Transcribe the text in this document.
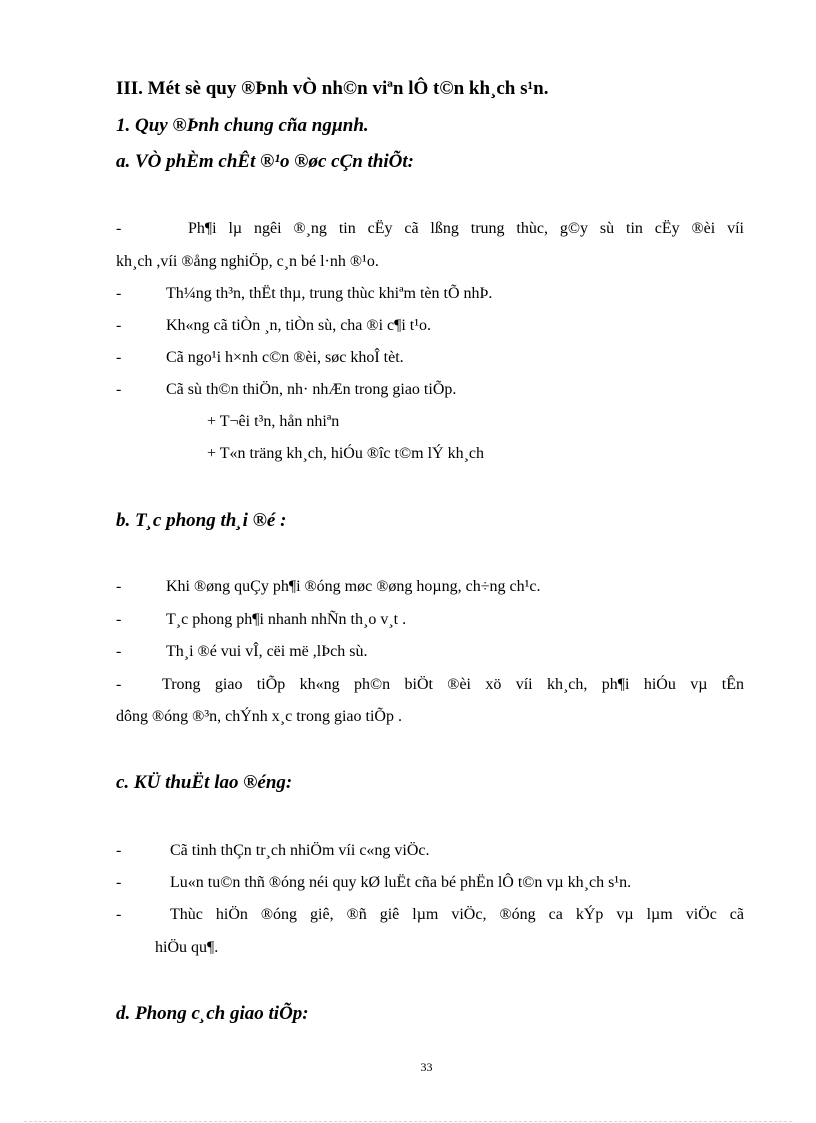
III. Mét sè quy ®Þnh vÒ nh©n viªn lÔ t©n kh¸ch s¹n.
1. Quy ®Þnh chung cña ngµnh.
a. VÒ phÈm chÊt ®¹o ®øc cÇn thiÕt:
-	Ph¶i lµ ngêi ®¸ng tin cËy cã lßng trung thùc, g©y sù tin cËy ®èi víi
kh¸ch ,víi ®ång nghiÖp, c¸n bé l·nh ®¹o.
-	Th¼ng th³n, thËt thµ, trung thùc khiªm tèn tÕ nhÞ.
-	Kh«ng cã tiÒn ¸n, tiÒn sù, cha ®i c¶i t¹o.
-	Cã ngo¹i h×nh c©n ®èi, søc khoÎ tèt.
-	Cã sù th©n thiÖn, nh· nhÆn trong giao tiÕp.
+ T¬êi t³n, hån nhiªn
+ T«n träng kh¸ch, hiÓu ®îc t©m lÝ kh¸ch
b. T¸c phong th¸i ®é :
-	Khi ®øng quÇy ph¶i ®óng møc ®øng hoµng, ch÷ng ch¹c.
-	T¸c phong ph¶i nhanh nhÑn th¸o v¸t .
-	Th¸i ®é vui vÎ, cëi më ,lÞch sù.
-	Trong giao tiÕp kh«ng ph©n biÖt ®èi xö víi kh¸ch, ph¶i hiÓu vµ tÊn
dông ®óng ®³n, chÝnh x¸c trong giao tiÕp .
c. KÜ thuËt lao ®éng:
-	Cã tinh thÇn tr¸ch nhiÖm víi c«ng viÖc.
-	Lu«n tu©n thñ ®óng néi quy kØ luËt cña bé phËn lÔ t©n vµ kh¸ch s¹n.
-	Thùc hiÖn ®óng giê, ®ñ giê lµm viÖc, ®óng ca kÝp vµ lµm viÖc cã
hiÖu qu¶.
d. Phong c¸ch giao tiÕp:
33
